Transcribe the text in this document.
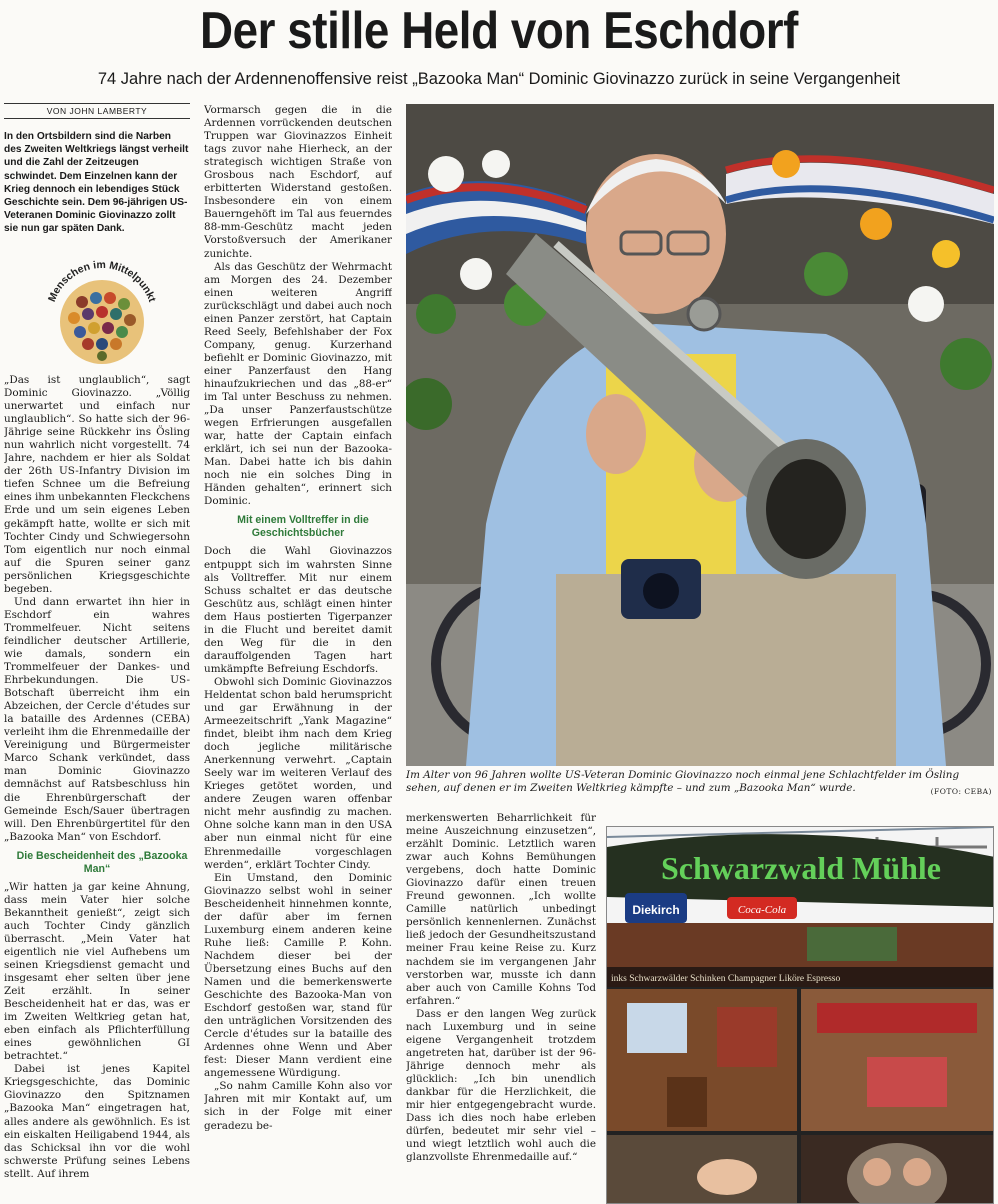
Der stille Held von Eschdorf
74 Jahre nach der Ardennenoffensive reist „Bazooka Man“ Dominic Giovinazzo zurück in seine Vergangenheit
VON JOHN LAMBERTY
In den Ortsbildern sind die Narben des Zweiten Weltkriegs längst verheilt und die Zahl der Zeitzeugen schwindet. Dem Einzelnen kann der Krieg dennoch ein lebendiges Stück Geschichte sein. Dem 96-jährigen US-Veteranen Dominic Giovinazzo zollt sie nun gar späten Dank.
Menschen im Mittelpunkt

„Das ist unglaublich“, sagt Dominic Giovinazzo. „Völlig unerwartet und einfach nur unglaublich“. So hatte sich der 96-Jährige seine Rückkehr ins Ösling nun wahrlich nicht vorgestellt. 74 Jahre, nachdem er hier als Soldat der 26th US-Infantry Division im tiefen Schnee um die Befreiung eines ihm unbekannten Fleckchens Erde und um sein eigenes Leben gekämpft hatte, wollte er sich mit Tochter Cindy und Schwiegersohn Tom eigentlich nur noch einmal auf die Spuren seiner ganz persönlichen Kriegsgeschichte begeben.

Und dann erwartet ihn hier in Eschdorf ein wahres Trommelfeuer. Nicht seitens feindlicher deutscher Artillerie, wie damals, sondern ein Trommelfeuer der Dankes- und Ehrbekundungen. Die US-Botschaft überreicht ihm ein Abzeichen, der Cercle d'études sur la bataille des Ardennes (CEBA) verleiht ihm die Ehrenmedaille der Vereinigung und Bürgermeister Marco Schank verkündet, dass man Dominic Giovinazzo demnächst auf Ratsbeschluss hin die Ehrenbürgerschaft der Gemeinde Esch/Sauer übertragen will. Den Ehrenbürgertitel für den „Bazooka Man“ von Eschdorf.

Die Bescheidenheit des „Bazooka Man“

„Wir hatten ja gar keine Ahnung, dass mein Vater hier solche Bekanntheit genießt“, zeigt sich auch Tochter Cindy gänzlich überrascht. „Mein Vater hat eigentlich nie viel Aufhebens um seinen Kriegsdienst gemacht und insgesamt eher selten über jene Zeit erzählt. In seiner Bescheidenheit hat er das, was er im Zweiten Weltkrieg getan hat, eben einfach als Pflichterfüllung eines gewöhnlichen GI betrachtet.“

Dabei ist jenes Kapitel Kriegsgeschichte, das Dominic Giovinazzo den Spitznamen „Bazooka Man“ eingetragen hat, alles andere als gewöhnlich. Es ist ein eiskalten Heiligabend 1944, als das Schicksal ihn vor die wohl schwerste Prüfung seines Lebens stellt. Auf ihrem

Vormarsch gegen die in die Ardennen vorrückenden deutschen Truppen war Giovinazzos Einheit tags zuvor nahe Hierheck, an der strategisch wichtigen Straße von Grosbous nach Eschdorf, auf erbitterten Widerstand gestoßen. Insbesondere ein von einem Bauerngehöft im Tal aus feuerndes 88-mm-Geschütz macht jeden Vorstoßversuch der Amerikaner zunichte.

Als das Geschütz der Wehrmacht am Morgen des 24. Dezember einen weiteren Angriff zurückschlägt und dabei auch noch einen Panzer zerstört, hat Captain Reed Seely, Befehlshaber der Fox Company, genug. Kurzerhand befiehlt er Dominic Giovinazzo, mit einer Panzerfaust den Hang hinaufzukriechen und das „88-er“ im Tal unter Beschuss zu nehmen. „Da unser Panzerfaustschütze wegen Erfrierungen ausgefallen war, hatte der Captain einfach erklärt, ich sei nun der Bazooka-Man. Dabei hatte ich bis dahin noch nie ein solches Ding in Händen gehalten“, erinnert sich Dominic.

Mit einem Volltreffer in die Geschichtsbücher

Doch die Wahl Giovinazzos entpuppt sich im wahrsten Sinne als Volltreffer. Mit nur einem Schuss schaltet er das deutsche Geschütz aus, schlägt einen hinter dem Haus postierten Tigerpanzer in die Flucht und bereitet damit den Weg für die in den darauffolgenden Tagen hart umkämpfte Befreiung Eschdorfs.

Obwohl sich Dominic Giovinazzos Heldentat schon bald herumspricht und gar Erwähnung in der Armeezeitschrift „Yank Magazine“ findet, bleibt ihm nach dem Krieg doch jegliche militärische Anerkennung verwehrt. „Captain Seely war im weiteren Verlauf des Krieges getötet worden, und andere Zeugen waren offenbar nicht mehr ausfindig zu machen. Ohne solche kann man in den USA aber nun einmal nicht für eine Ehrenmedaille vorgeschlagen werden“, erklärt Tochter Cindy.

Ein Umstand, den Dominic Giovinazzo selbst wohl in seiner Bescheidenheit hinnehmen konnte, der dafür aber im fernen Luxemburg einem anderen keine Ruhe ließ: Camille P. Kohn. Nachdem dieser bei der Übersetzung eines Buchs auf den Namen und die bemerkenswerte Geschichte des Bazooka-Man von Eschdorf gestoßen war, stand für den unträglichen Vorsitzenden des Cercle d'études sur la bataille des Ardennes ohne Wenn und Aber fest: Dieser Mann verdient eine angemessene Würdigung.

„So nahm Camille Kohn also vor Jahren mit mir Kontakt auf, um sich in der Folge mit einer geradezu be-

Im Alter von 96 Jahren wollte US-Veteran Dominic Giovinazzo noch einmal jene Schlachtfelder im Ösling sehen, auf denen er im Zweiten Weltkrieg kämpfte – und zum „Bazooka Man“ wurde.	(FOTO: CEBA)

merkenswerten Beharrlichkeit für meine Auszeichnung einzusetzen“, erzählt Dominic. Letztlich waren zwar auch Kohns Bemühungen vergebens, doch hatte Dominic Giovinazzo dafür einen treuen Freund gewonnen. „Ich wollte Camille natürlich unbedingt persönlich kennenlernen. Zunächst ließ jedoch der Gesundheitszustand meiner Frau keine Reise zu. Kurz nachdem sie im vergangenen Jahr verstorben war, musste ich dann aber auch von Camille Kohns Tod erfahren.“

Dass er den langen Weg zurück nach Luxemburg und in seine eigene Vergangenheit trotzdem angetreten hat, darüber ist der 96-Jährige dennoch mehr als glücklich: „Ich bin unendlich dankbar für die Herzlichkeit, die mir hier entgegengebracht wurde. Dass ich dies noch habe erleben dürfen, bedeutet mir sehr viel – und wiegt letztlich wohl auch die glanzvollste Ehrenmedaille auf.“

Schwarzwald Mühle
Diekirch	Coca-Cola
inks Schwarzwälder Schinken Champagner Liköre Espresso
